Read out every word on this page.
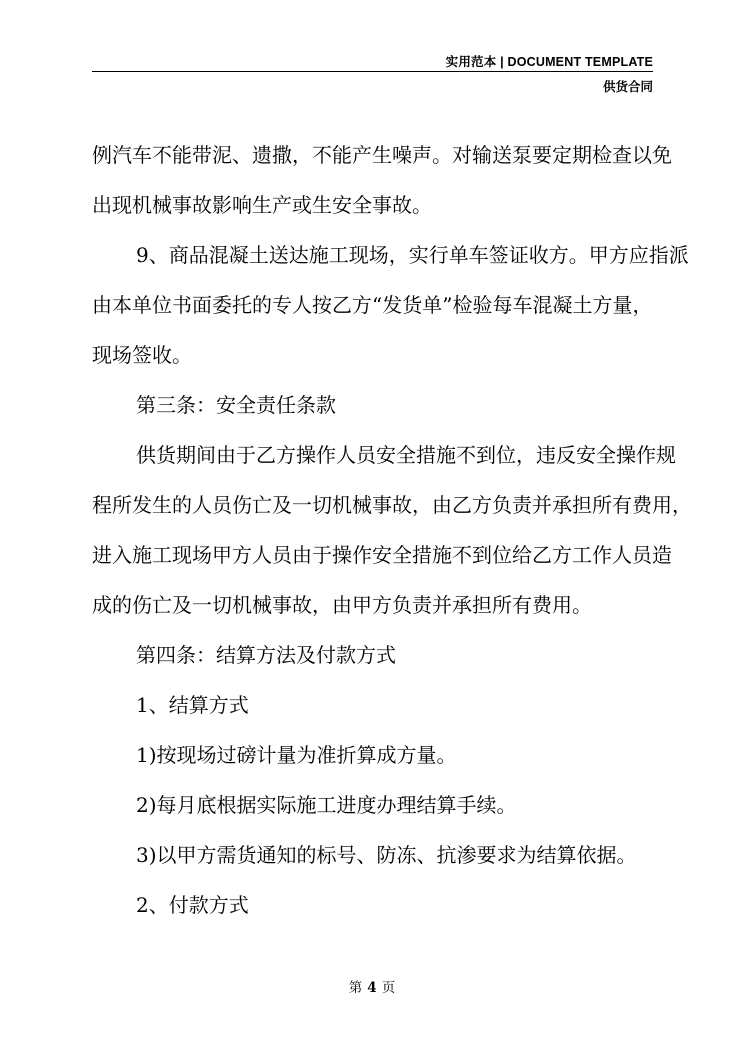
实用范本 | DOCUMENT TEMPLATE
供货合同
例汽车不能带泥、遗撒，不能产生噪声。对输送泵要定期检查以免
出现机械事故影响生产或生安全事故。
9、商品混凝土送达施工现场，实行单车签证收方。甲方应指派
由本单位书面委托的专人按乙方“发货单”检验每车混凝土方量，
现场签收。
第三条：安全责任条款
供货期间由于乙方操作人员安全措施不到位，违反安全操作规
程所发生的人员伤亡及一切机械事故，由乙方负责并承担所有费用，
进入施工现场甲方人员由于操作安全措施不到位给乙方工作人员造
成的伤亡及一切机械事故，由甲方负责并承担所有费用。
第四条：结算方法及付款方式
1、结算方式
1)按现场过磅计量为准折算成方量。
2)每月底根据实际施工进度办理结算手续。
3)以甲方需货通知的标号、防冻、抗渗要求为结算依据。
2、付款方式
第 4 页
